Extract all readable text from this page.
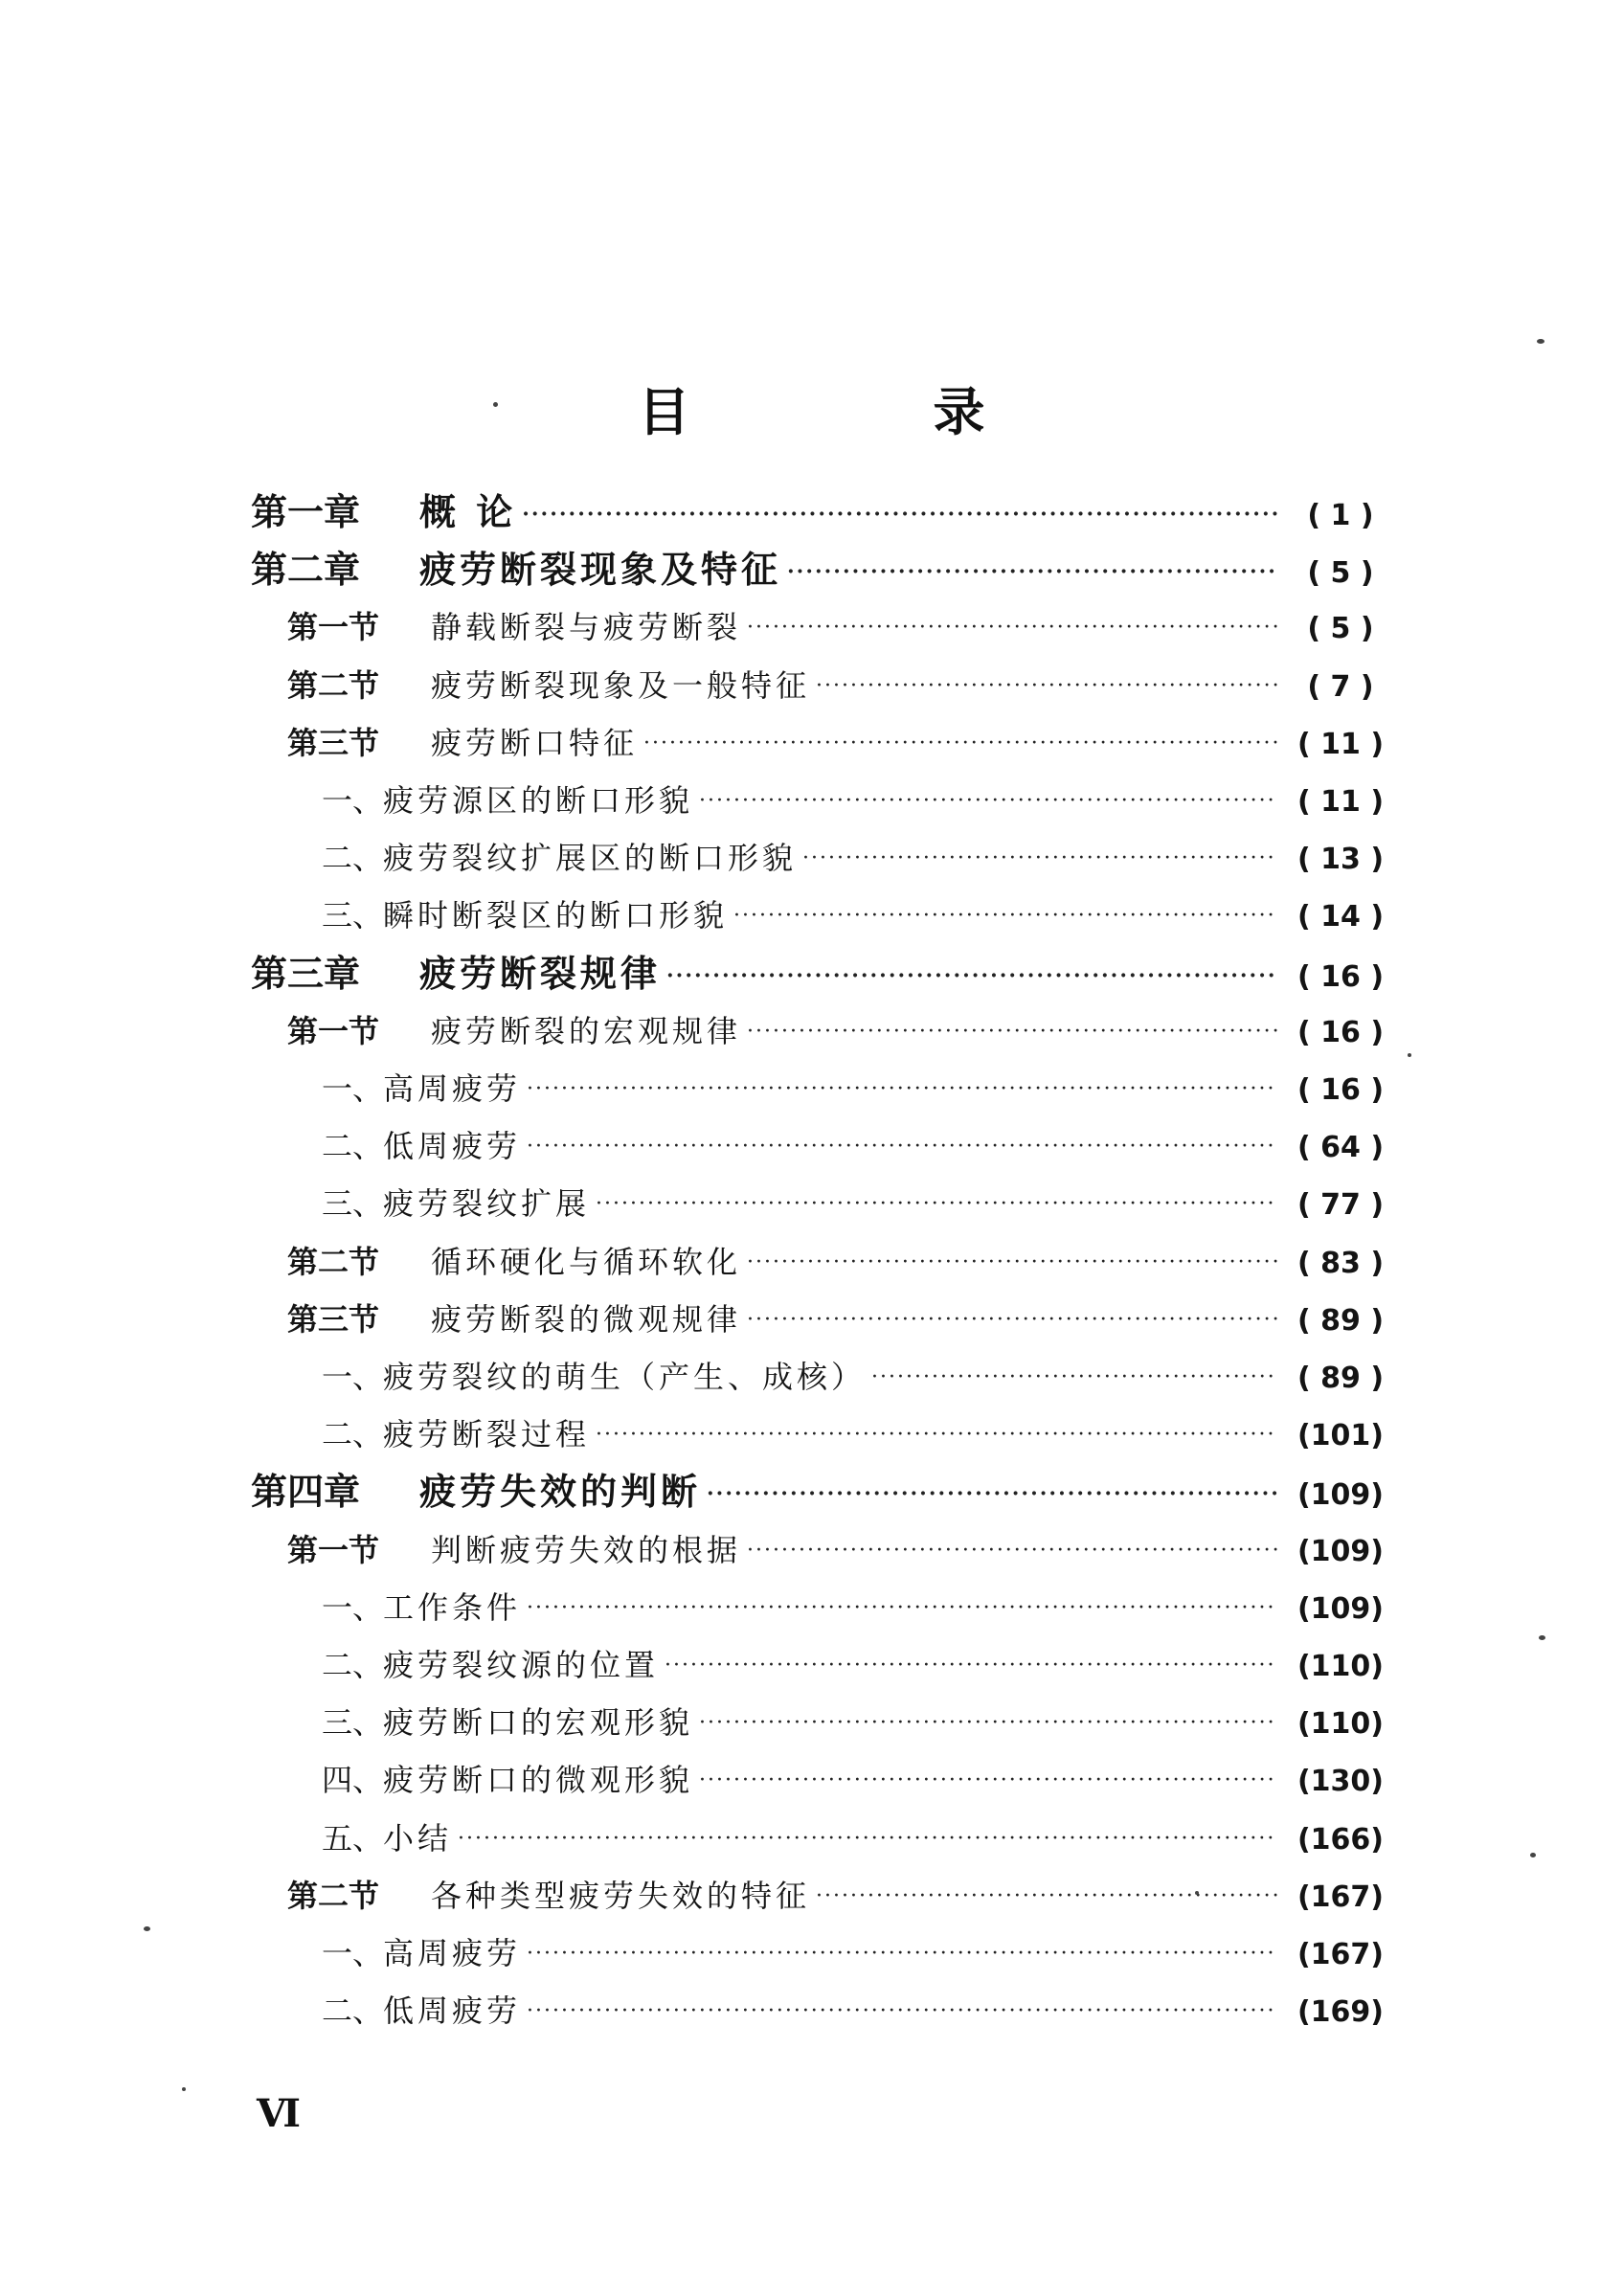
目　录
第一章 概 论 ·····	( 1 )
第二章 疲劳断裂现象及特征 ·····	( 5 )
第一节 静载断裂与疲劳断裂 ·····	( 5 )
第二节 疲劳断裂现象及一般特征 ·····	( 7 )
第三节 疲劳断口特征 ·····	( 11 )
一、疲劳源区的断口形貌 ·····	( 11 )
二、疲劳裂纹扩展区的断口形貌 ·····	( 13 )
三、瞬时断裂区的断口形貌 ·····	( 14 )
第三章 疲劳断裂规律 ·····	( 16 )
第一节 疲劳断裂的宏观规律 ·····	( 16 )
一、高周疲劳 ·····	( 16 )
二、低周疲劳 ·····	( 64 )
三、疲劳裂纹扩展 ·····	( 77 )
第二节 循环硬化与循环软化 ·····	( 83 )
第三节 疲劳断裂的微观规律 ·····	( 89 )
一、疲劳裂纹的萌生（产生、成核） ·····	( 89 )
二、疲劳断裂过程 ·····	(101)
第四章 疲劳失效的判断 ·····	(109)
第一节 判断疲劳失效的根据 ·····	(109)
一、工作条件 ·····	(109)
二、疲劳裂纹源的位置 ·····	(110)
三、疲劳断口的宏观形貌 ·····	(110)
四、疲劳断口的微观形貌 ·····	(130)
五、小结 ·····	(166)
第二节 各种类型疲劳失效的特征 ·····	(167)
一、高周疲劳 ·····	(167)
二、低周疲劳 ·····	(169)
Ⅵ
